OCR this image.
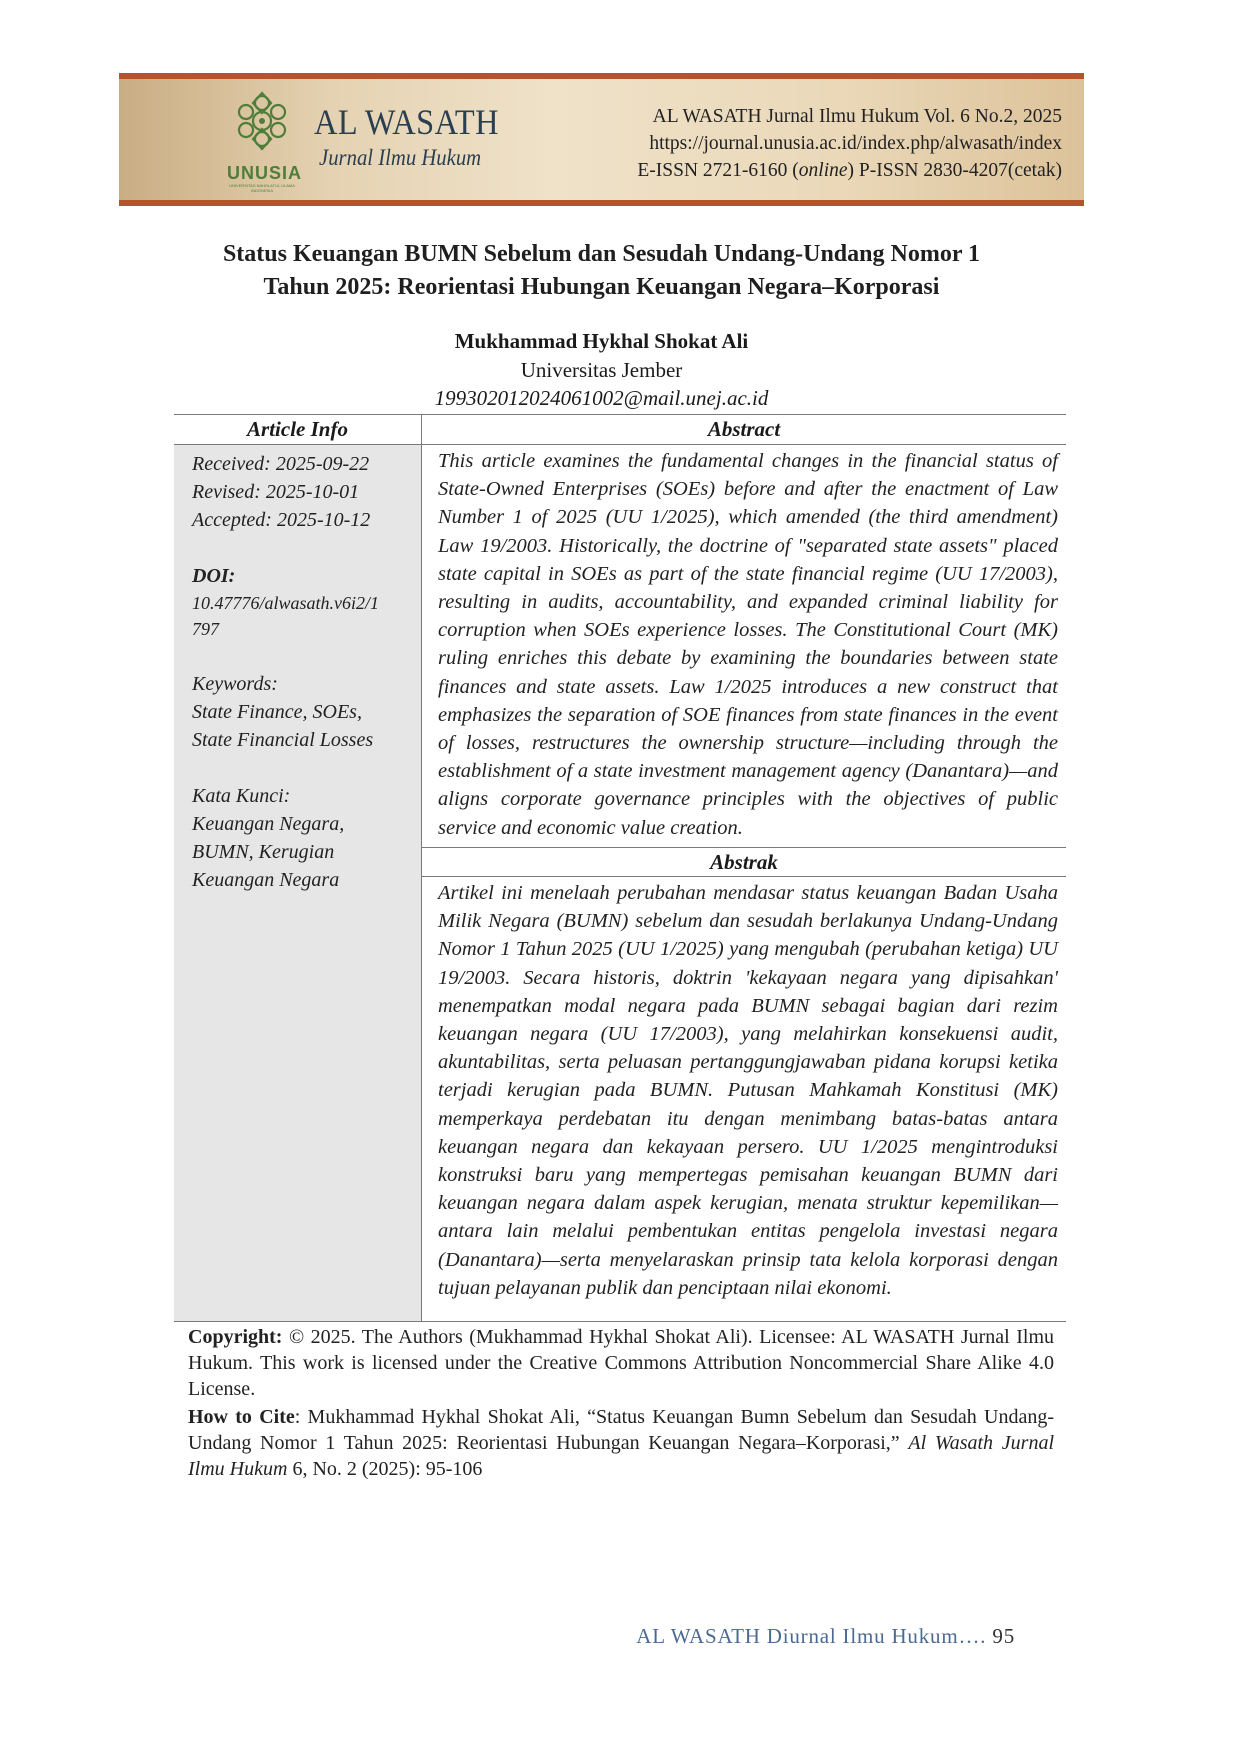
UNUSIA
UNIVERSITAS NAHDLATUL ULAMA INDONESIA
AL WASATH
Jurnal Ilmu Hukum
AL WASATH Jurnal Ilmu Hukum Vol. 6 No.2, 2025
https://journal.unusia.ac.id/index.php/alwasath/index
E-ISSN 2721-6160 (online) P-ISSN 2830-4207(cetak)
Status Keuangan BUMN Sebelum dan Sesudah Undang-Undang Nomor 1
Tahun 2025: Reorientasi Hubungan Keuangan Negara–Korporasi
Mukhammad Hykhal Shokat Ali
Universitas Jember
199302012024061002@mail.unej.ac.id
Article Info	Abstract
Received: 2025-09-22
Revised: 2025-10-01
Accepted: 2025-10-12
DOI:
10.47776/alwasath.v6i2/1
797
Keywords:
State Finance, SOEs,
State Financial Losses
Kata Kunci:
Keuangan Negara,
BUMN, Kerugian
Keuangan Negara
This article examines the fundamental changes in the financial status of State-Owned Enterprises (SOEs) before and after the enactment of Law Number 1 of 2025 (UU 1/2025), which amended (the third amendment) Law 19/2003. Historically, the doctrine of "separated state assets" placed state capital in SOEs as part of the state financial regime (UU 17/2003), resulting in audits, accountability, and expanded criminal liability for corruption when SOEs experience losses. The Constitutional Court (MK) ruling enriches this debate by examining the boundaries between state finances and state assets. Law 1/2025 introduces a new construct that emphasizes the separation of SOE finances from state finances in the event of losses, restructures the ownership structure—including through the establishment of a state investment management agency (Danantara)—and aligns corporate governance principles with the objectives of public service and economic value creation.
Abstrak
Artikel ini menelaah perubahan mendasar status keuangan Badan Usaha Milik Negara (BUMN) sebelum dan sesudah berlakunya Undang-Undang Nomor 1 Tahun 2025 (UU 1/2025) yang mengubah (perubahan ketiga) UU 19/2003. Secara historis, doktrin 'kekayaan negara yang dipisahkan' menempatkan modal negara pada BUMN sebagai bagian dari rezim keuangan negara (UU 17/2003), yang melahirkan konsekuensi audit, akuntabilitas, serta peluasan pertanggungjawaban pidana korupsi ketika terjadi kerugian pada BUMN. Putusan Mahkamah Konstitusi (MK) memperkaya perdebatan itu dengan menimbang batas-batas antara keuangan negara dan kekayaan persero. UU 1/2025 mengintroduksi konstruksi baru yang mempertegas pemisahan keuangan BUMN dari keuangan negara dalam aspek kerugian, menata struktur kepemilikan—antara lain melalui pembentukan entitas pengelola investasi negara (Danantara)—serta menyelaraskan prinsip tata kelola korporasi dengan tujuan pelayanan publik dan penciptaan nilai ekonomi.
Copyright: © 2025. The Authors (Mukhammad Hykhal Shokat Ali). Licensee: AL WASATH Jurnal Ilmu Hukum. This work is licensed under the Creative Commons Attribution Noncommercial Share Alike 4.0 License.
How to Cite: Mukhammad Hykhal Shokat Ali, “Status Keuangan Bumn Sebelum dan Sesudah Undang-Undang Nomor 1 Tahun 2025: Reorientasi Hubungan Keuangan Negara–Korporasi,” Al Wasath Jurnal Ilmu Hukum 6, No. 2 (2025): 95-106
AL WASATH Diurnal Ilmu Hukum…. 95
